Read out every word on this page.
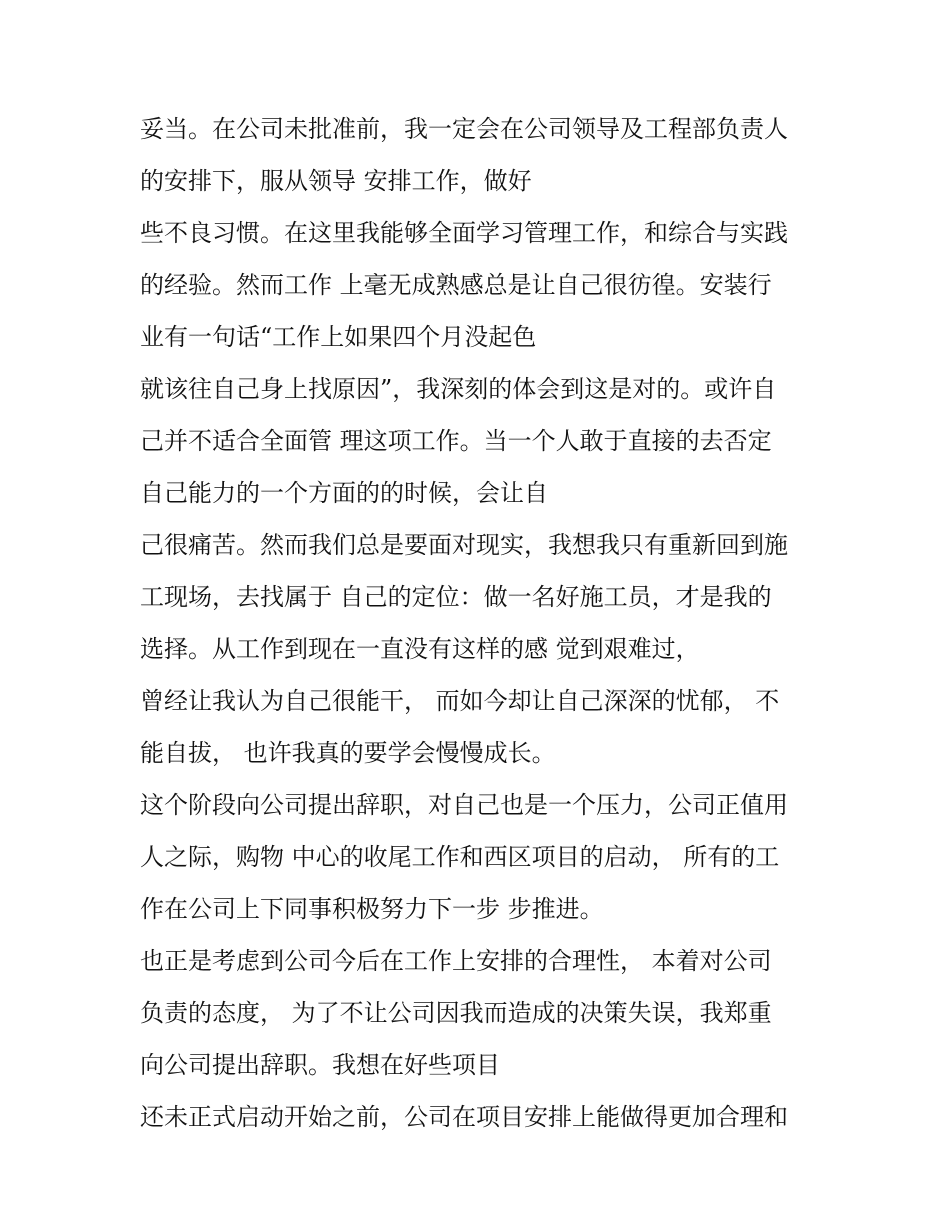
妥当。在公司未批准前，我一定会在公司领导及工程部负责人
的安排下，服从领导 安排工作，做好
些不良习惯。在这里我能够全面学习管理工作，和综合与实践
的经验。然而工作 上毫无成熟感总是让自己很彷徨。安装行
业有一句话“工作上如果四个月没起色
就该往自己身上找原因”，我深刻的体会到这是对的。或许自
己并不适合全面管 理这项工作。当一个人敢于直接的去否定
自己能力的一个方面的的时候，会让自
己很痛苦。然而我们总是要面对现实，我想我只有重新回到施
工现场，去找属于 自己的定位：做一名好施工员，才是我的
选择。从工作到现在一直没有这样的感 觉到艰难过，
曾经让我认为自己很能干， 而如今却让自己深深的忧郁， 不
能自拔， 也许我真的要学会慢慢成长。
这个阶段向公司提出辞职，对自己也是一个压力，公司正值用
人之际，购物 中心的收尾工作和西区项目的启动， 所有的工
作在公司上下同事积极努力下一步 步推进。
也正是考虑到公司今后在工作上安排的合理性， 本着对公司
负责的态度， 为了不让公司因我而造成的决策失误，我郑重
向公司提出辞职。我想在好些项目
还未正式启动开始之前，公司在项目安排上能做得更加合理和
